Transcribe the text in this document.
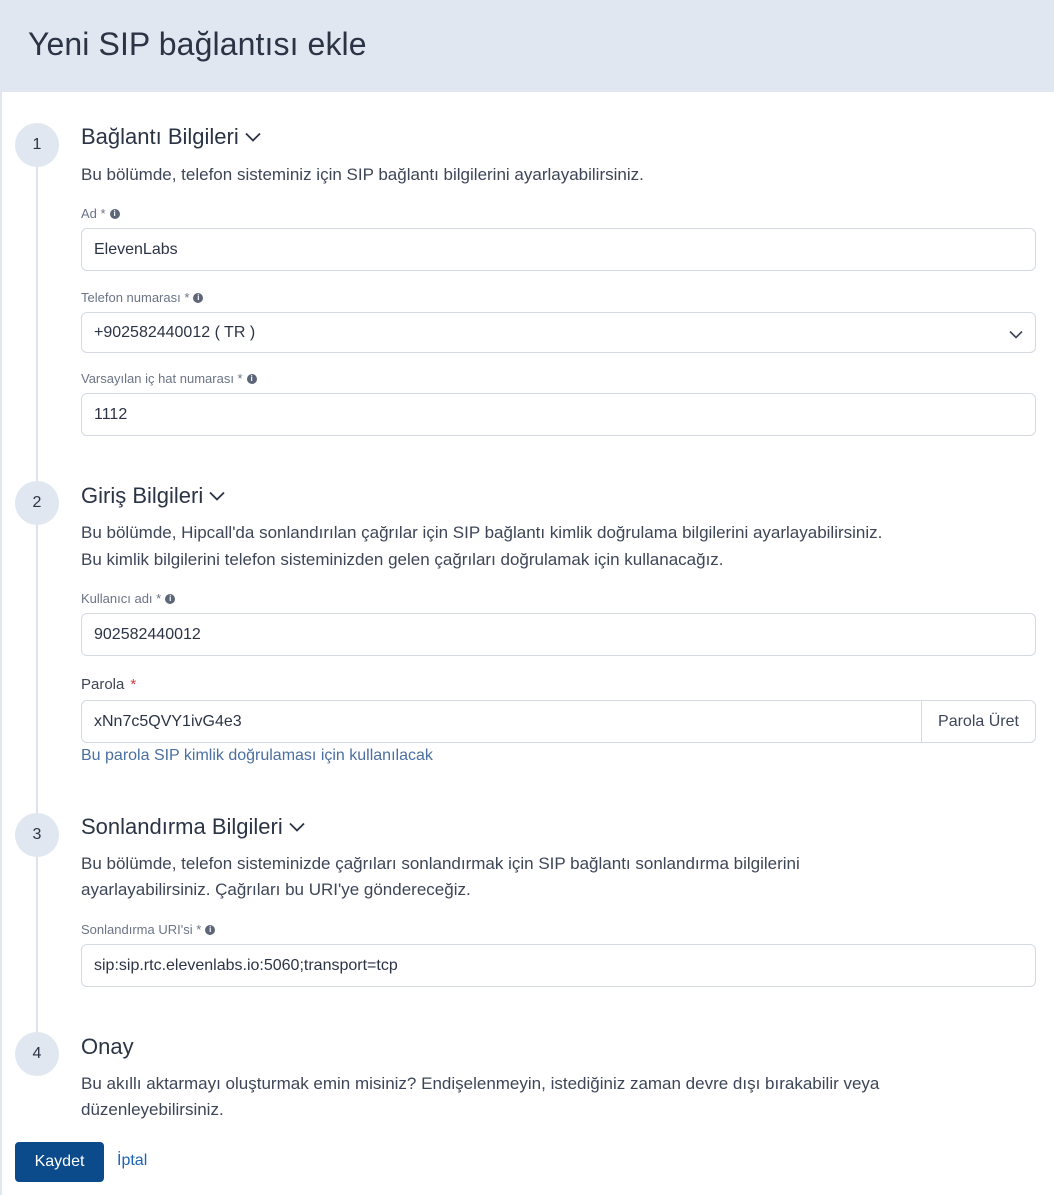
Yeni SIP bağlantısı ekle
1	Bağlantı Bilgileri
Bu bölümde, telefon sisteminiz için SIP bağlantı bilgilerini ayarlayabilirsiniz.
Ad * i
ElevenLabs
Telefon numarası * i
+902582440012 ( TR )
Varsayılan iç hat numarası * i
1112
2	Giriş Bilgileri
Bu bölümde, Hipcall'da sonlandırılan çağrılar için SIP bağlantı kimlik doğrulama bilgilerini ayarlayabilirsiniz.
Bu kimlik bilgilerini telefon sisteminizden gelen çağrıları doğrulamak için kullanacağız.
Kullanıcı adı * i
902582440012
Parola *
xNn7c5QVY1ivG4e3	Parola Üret
Bu parola SIP kimlik doğrulaması için kullanılacak
3	Sonlandırma Bilgileri
Bu bölümde, telefon sisteminizde çağrıları sonlandırmak için SIP bağlantı sonlandırma bilgilerini
ayarlayabilirsiniz. Çağrıları bu URI'ye göndereceğiz.
Sonlandırma URI'si * i
sip:sip.rtc.elevenlabs.io:5060;transport=tcp
4	Onay
Bu akıllı aktarmayı oluşturmak emin misiniz? Endişelenmeyin, istediğiniz zaman devre dışı bırakabilir veya
düzenleyebilirsiniz.
Kaydet	İptal
